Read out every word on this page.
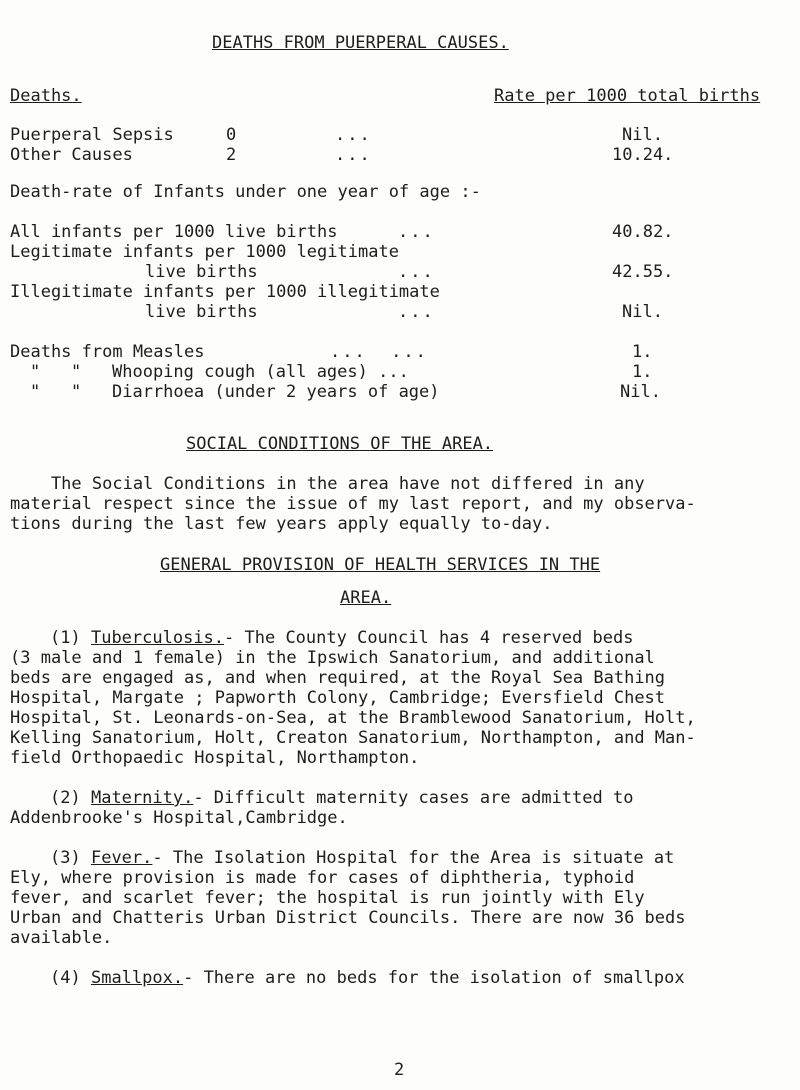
DEATHS FROM PUERPERAL CAUSES.
Deaths.	Rate per 1000 total births
Puerperal Sepsis	0	...	Nil.
Other Causes	2	...	10.24.
Death-rate of Infants under one year of age :-
All infants per 1000 live births	...	40.82.
Legitimate infants per 1000 legitimate
live births	...	42.55.
Illegitimate infants per 1000 illegitimate
live births	...	Nil.
Deaths from Measles	...  ...	1.
"   " Whooping cough (all ages) ...	1.
"   " Diarrhoea (under 2 years of age)	Nil.
SOCIAL CONDITIONS OF THE AREA.
The Social Conditions in the area have not differed in any
material respect since the issue of my last report, and my observa-
tions during the last few years apply equally to-day.
GENERAL PROVISION OF HEALTH SERVICES IN THE
AREA.
(1) Tuberculosis.- The County Council has 4 reserved beds
(3 male and 1 female) in the Ipswich Sanatorium, and additional
beds are engaged as, and when required, at the Royal Sea Bathing
Hospital, Margate ; Papworth Colony, Cambridge; Eversfield Chest
Hospital, St. Leonards-on-Sea, at the Bramblewood Sanatorium, Holt,
Kelling Sanatorium, Holt, Creaton Sanatorium, Northampton, and Man-
field Orthopaedic Hospital, Northampton.
(2) Maternity.- Difficult maternity cases are admitted to
Addenbrooke's Hospital,Cambridge.
(3) Fever.- The Isolation Hospital for the Area is situate at
Ely, where provision is made for cases of diphtheria, typhoid
fever, and scarlet fever; the hospital is run jointly with Ely
Urban and Chatteris Urban District Councils. There are now 36 beds
available.
(4) Smallpox.- There are no beds for the isolation of smallpox
2
